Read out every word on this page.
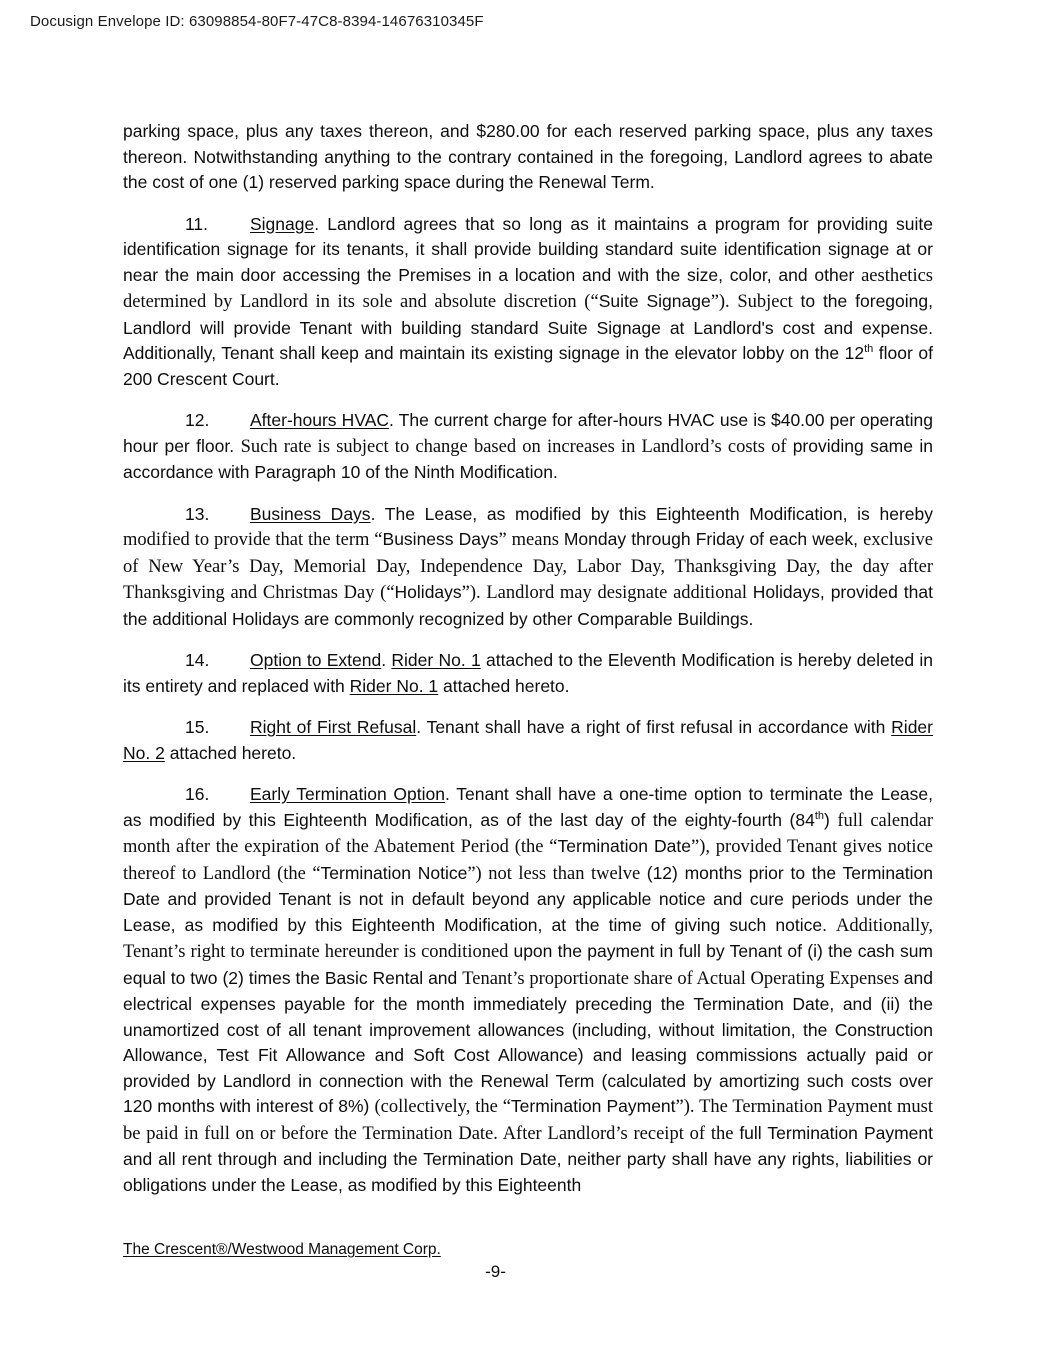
Docusign Envelope ID: 63098854-80F7-47C8-8394-14676310345F

parking space, plus any taxes thereon, and $280.00 for each reserved parking space, plus any taxes thereon. Notwithstanding anything to the contrary contained in the foregoing, Landlord agrees to abate the cost of one (1) reserved parking space during the Renewal Term.

11. Signage. Landlord agrees that so long as it maintains a program for providing suite identification signage for its tenants, it shall provide building standard suite identification signage at or near the main door accessing the Premises in a location and with the size, color, and other aesthetics determined by Landlord in its sole and absolute discretion (“Suite Signage”). Subject to the foregoing, Landlord will provide Tenant with building standard Suite Signage at Landlord's cost and expense. Additionally, Tenant shall keep and maintain its existing signage in the elevator lobby on the 12th floor of 200 Crescent Court.

12. After-hours HVAC. The current charge for after-hours HVAC use is $40.00 per operating hour per floor. Such rate is subject to change based on increases in Landlord’s costs of providing same in accordance with Paragraph 10 of the Ninth Modification.

13. Business Days. The Lease, as modified by this Eighteenth Modification, is hereby modified to provide that the term “Business Days” means Monday through Friday of each week, exclusive of New Year’s Day, Memorial Day, Independence Day, Labor Day, Thanksgiving Day, the day after Thanksgiving and Christmas Day (“Holidays”). Landlord may designate additional Holidays, provided that the additional Holidays are commonly recognized by other Comparable Buildings.

14. Option to Extend. Rider No. 1 attached to the Eleventh Modification is hereby deleted in its entirety and replaced with Rider No. 1 attached hereto.

15. Right of First Refusal. Tenant shall have a right of first refusal in accordance with Rider No. 2 attached hereto.

16. Early Termination Option. Tenant shall have a one-time option to terminate the Lease, as modified by this Eighteenth Modification, as of the last day of the eighty-fourth (84th) full calendar month after the expiration of the Abatement Period (the “Termination Date”), provided Tenant gives notice thereof to Landlord (the “Termination Notice”) not less than twelve (12) months prior to the Termination Date and provided Tenant is not in default beyond any applicable notice and cure periods under the Lease, as modified by this Eighteenth Modification, at the time of giving such notice. Additionally, Tenant’s right to terminate hereunder is conditioned upon the payment in full by Tenant of (i) the cash sum equal to two (2) times the Basic Rental and Tenant’s proportionate share of Actual Operating Expenses and electrical expenses payable for the month immediately preceding the Termination Date, and (ii) the unamortized cost of all tenant improvement allowances (including, without limitation, the Construction Allowance, Test Fit Allowance and Soft Cost Allowance) and leasing commissions actually paid or provided by Landlord in connection with the Renewal Term (calculated by amortizing such costs over 120 months with interest of 8%) (collectively, the “Termination Payment”). The Termination Payment must be paid in full on or before the Termination Date. After Landlord’s receipt of the full Termination Payment and all rent through and including the Termination Date, neither party shall have any rights, liabilities or obligations under the Lease, as modified by this Eighteenth

The Crescent®/Westwood Management Corp.
-9-
